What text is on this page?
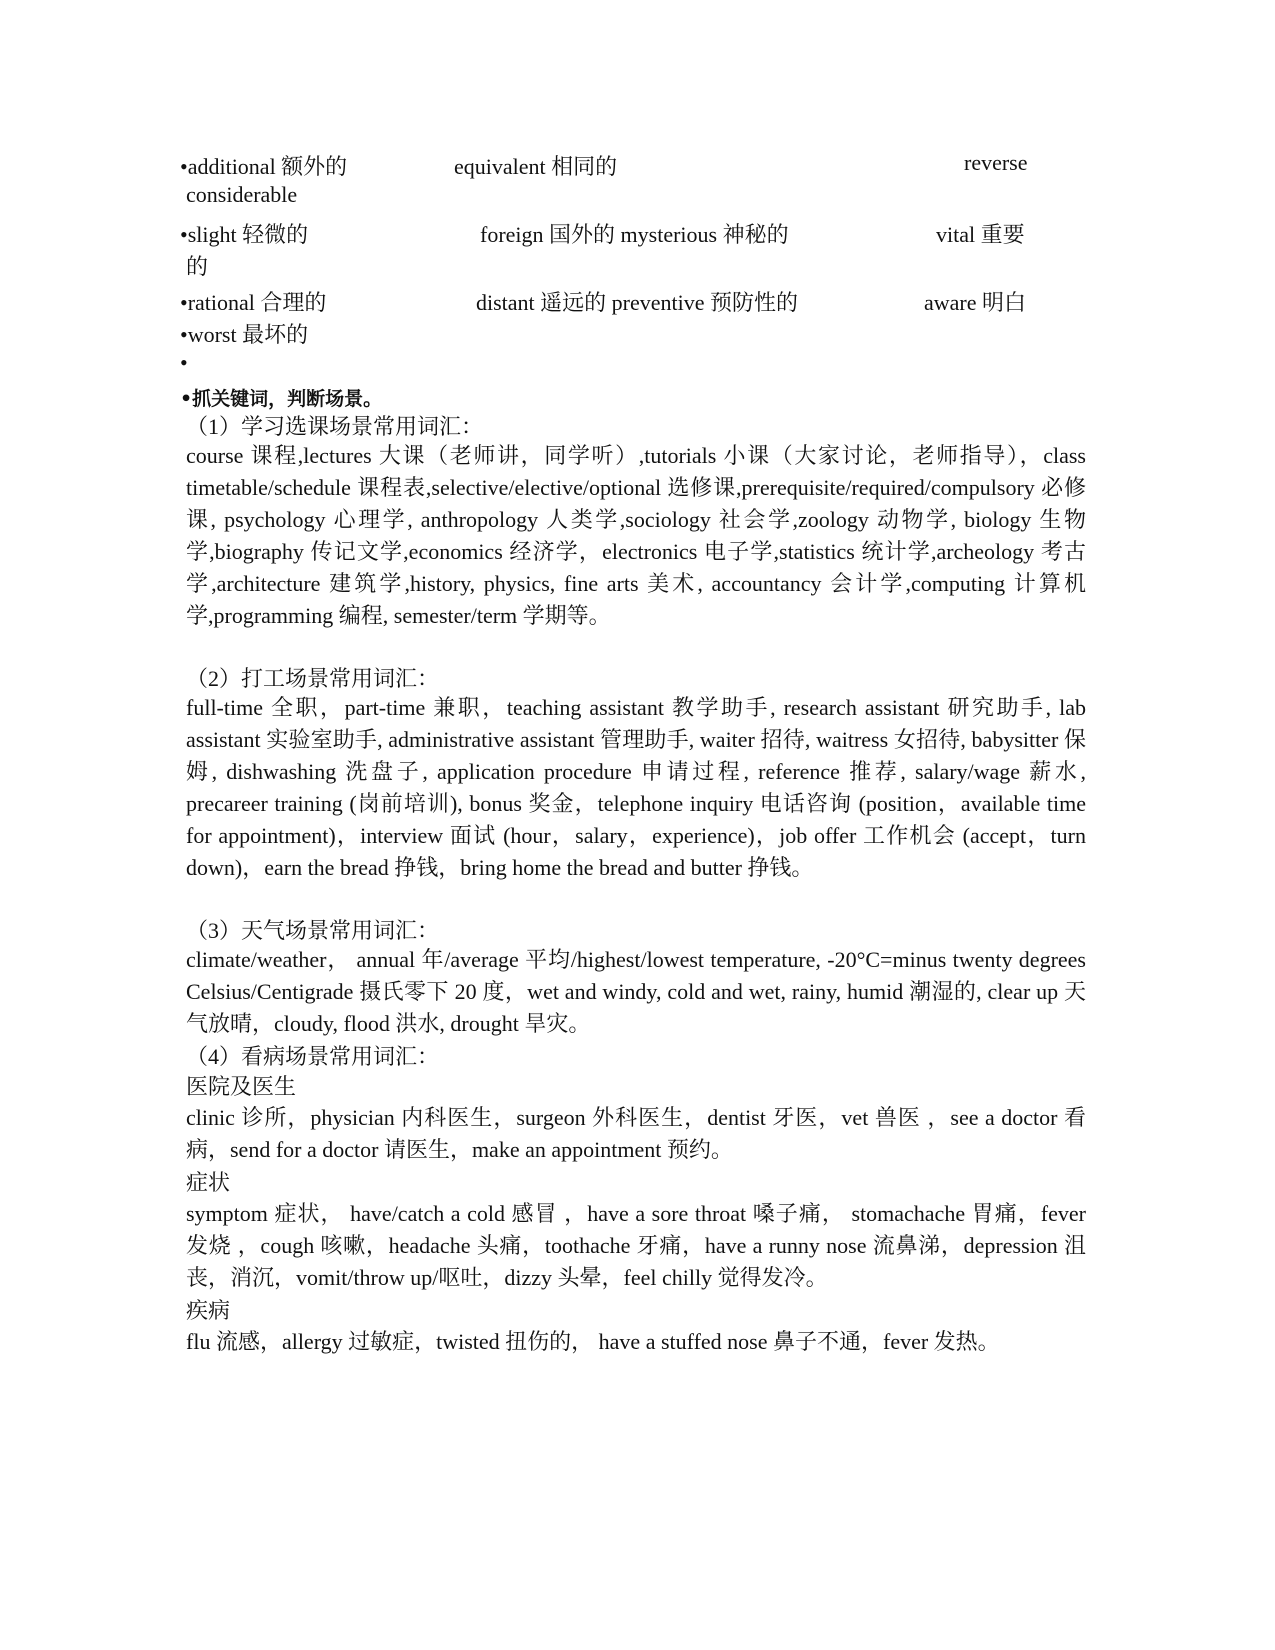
•additional 额外的	equivalent 相同的	reverse
considerable
•slight 轻微的	foreign 国外的 mysterious 神秘的	vital 重要
的
•rational 合理的	distant 遥远的 preventive 预防性的	aware 明白
•worst 最坏的
•
•抓关键词，判断场景。
（1）学习选课场景常用词汇：
course 课程,lectures 大课（老师讲，同学听）,tutorials 小课（大家讨论，老师指导），class timetable/schedule 课程表,selective/elective/optional 选修课,prerequisite/required/compulsory 必修课, psychology 心理学, anthropology 人类学,sociology 社会学,zoology 动物学, biology 生物学,biography 传记文学,economics 经济学，electronics 电子学,statistics 统计学,archeology 考古学,architecture 建筑学,history, physics, fine arts 美术, accountancy 会计学,computing 计算机学,programming 编程, semester/term 学期等。
（2）打工场景常用词汇：
full-time 全职，part-time 兼职，teaching assistant 教学助手, research assistant 研究助手, lab assistant 实验室助手, administrative assistant 管理助手, waiter 招待, waitress 女招待, babysitter 保姆, dishwashing 洗盘子, application procedure 申请过程, reference 推荐, salary/wage 薪水, precareer training (岗前培训), bonus 奖金，telephone inquiry 电话咨询 (position，available time for appointment)，interview 面试 (hour，salary，experience)，job offer 工作机会 (accept，turn down)，earn the bread 挣钱，bring home the bread and butter 挣钱。
（3）天气场景常用词汇：
climate/weather， annual 年/average 平均/highest/lowest temperature, -20°C=minus twenty degrees Celsius/Centigrade 摄氏零下 20 度，wet and windy, cold and wet, rainy, humid 潮湿的, clear up 天气放晴，cloudy, flood 洪水, drought 旱灾。
（4）看病场景常用词汇：
医院及医生
clinic 诊所，physician 内科医生，surgeon 外科医生，dentist 牙医，vet 兽医 ，see a doctor 看病，send for a doctor 请医生，make an appointment 预约。
症状
symptom 症状， have/catch a cold 感冒 ，have a sore throat 嗓子痛， stomachache 胃痛，fever 发烧 ，cough 咳嗽，headache 头痛，toothache 牙痛，have a runny nose 流鼻涕，depression 沮丧，消沉，vomit/throw up/呕吐，dizzy 头晕，feel chilly 觉得发冷。
疾病
flu 流感，allergy 过敏症，twisted 扭伤的， have a stuffed nose 鼻子不通，fever 发热。
